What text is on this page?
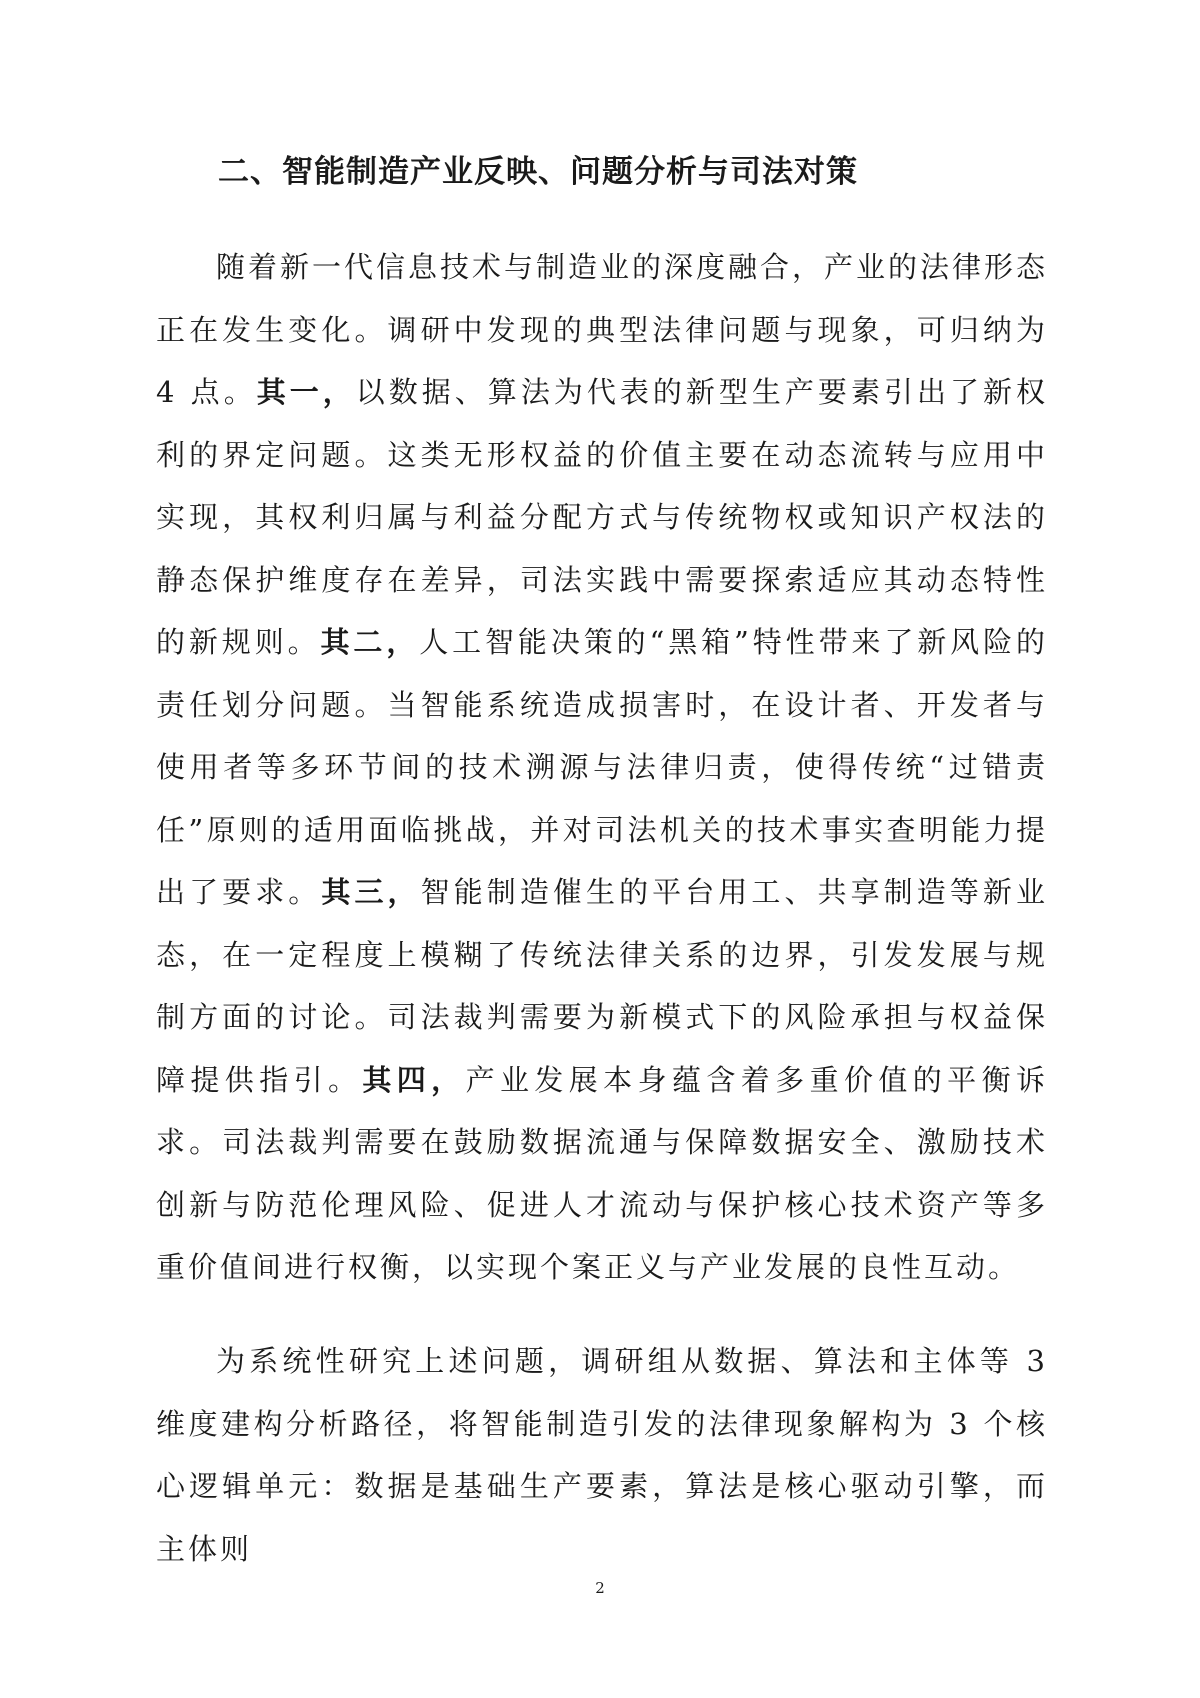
二、智能制造产业反映、问题分析与司法对策

随着新一代信息技术与制造业的深度融合，产业的法律形态正在发生变化。调研中发现的典型法律问题与现象，可归纳为 4 点。其一，以数据、算法为代表的新型生产要素引出了新权利的界定问题。这类无形权益的价值主要在动态流转与应用中实现，其权利归属与利益分配方式与传统物权或知识产权法的静态保护维度存在差异，司法实践中需要探索适应其动态特性的新规则。其二，人工智能决策的“黑箱”特性带来了新风险的责任划分问题。当智能系统造成损害时，在设计者、开发者与使用者等多环节间的技术溯源与法律归责，使得传统“过错责任”原则的适用面临挑战，并对司法机关的技术事实查明能力提出了要求。其三，智能制造催生的平台用工、共享制造等新业态，在一定程度上模糊了传统法律关系的边界，引发发展与规制方面的讨论。司法裁判需要为新模式下的风险承担与权益保障提供指引。其四，产业发展本身蕴含着多重价值的平衡诉求。司法裁判需要在鼓励数据流通与保障数据安全、激励技术创新与防范伦理风险、促进人才流动与保护核心技术资产等多重价值间进行权衡，以实现个案正义与产业发展的良性互动。

为系统性研究上述问题，调研组从数据、算法和主体等 3 维度建构分析路径，将智能制造引发的法律现象解构为 3 个核心逻辑单元：数据是基础生产要素，算法是核心驱动引擎，而主体则

2
